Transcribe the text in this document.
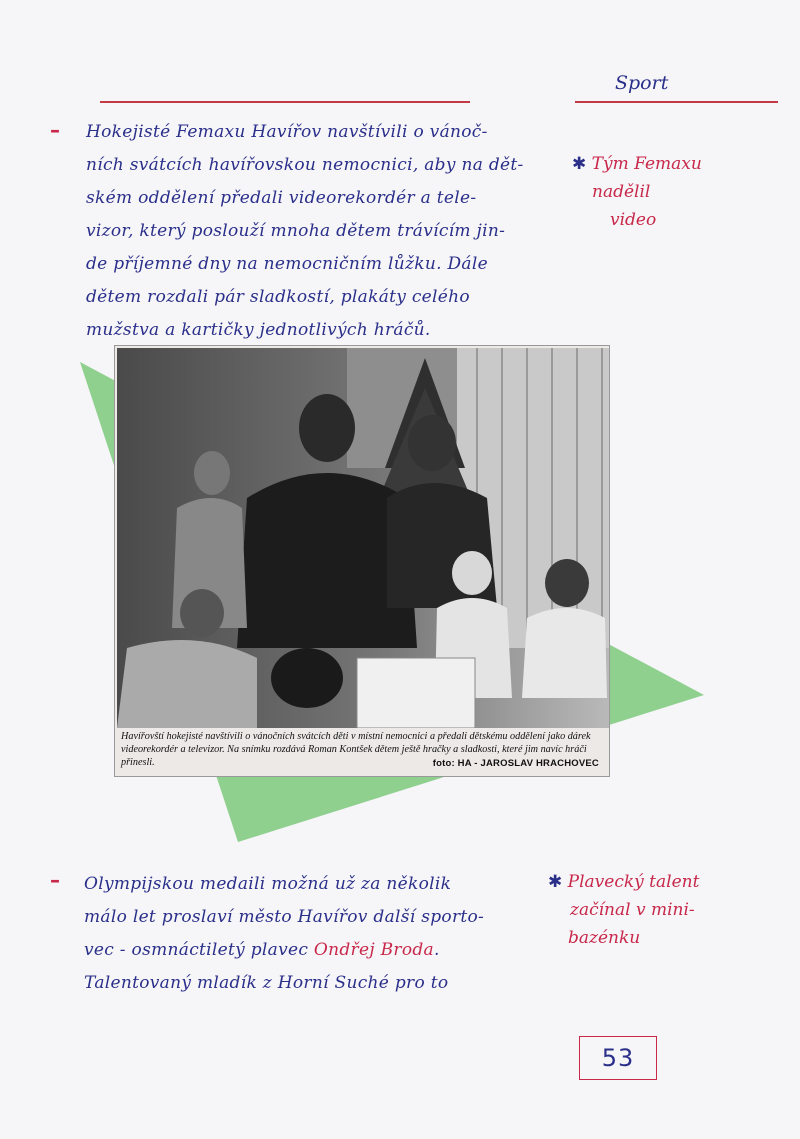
Sport
– Hokejisté Femaxu Havířov navštívili o vánoč-
ních svátcích havířovskou nemocnici, aby na dět-
ském oddělení předali videorekordér a tele-
vizor, který poslouží mnoha dětem trávícím jin-
de příjemné dny na nemocničním lůžku. Dále
dětem rozdali pár sladkostí, plakáty celého
mužstva a kartičky jednotlivých hráčů.
✱ Tým Femaxu
nadělil
video
Havířovští hokejisté navštívili o vánočních svátcích děti v místní nemocnici a předali dětskému oddělení jako dárek videorekordér a televizor. Na snímku rozdává Roman Kontšek dětem ještě hračky a sladkosti, které jim navíc hráči přinesli.	foto: HA - JAROSLAV HRACHOVEC
– Olympijskou medaili možná už za několik
málo let proslaví město Havířov další sporto-
vec - osmnáctiletý plavec Ondřej Broda.
Talentovaný mladík z Horní Suché pro to
✱ Plavecký talent
začínal v mini-
bazénku
53
